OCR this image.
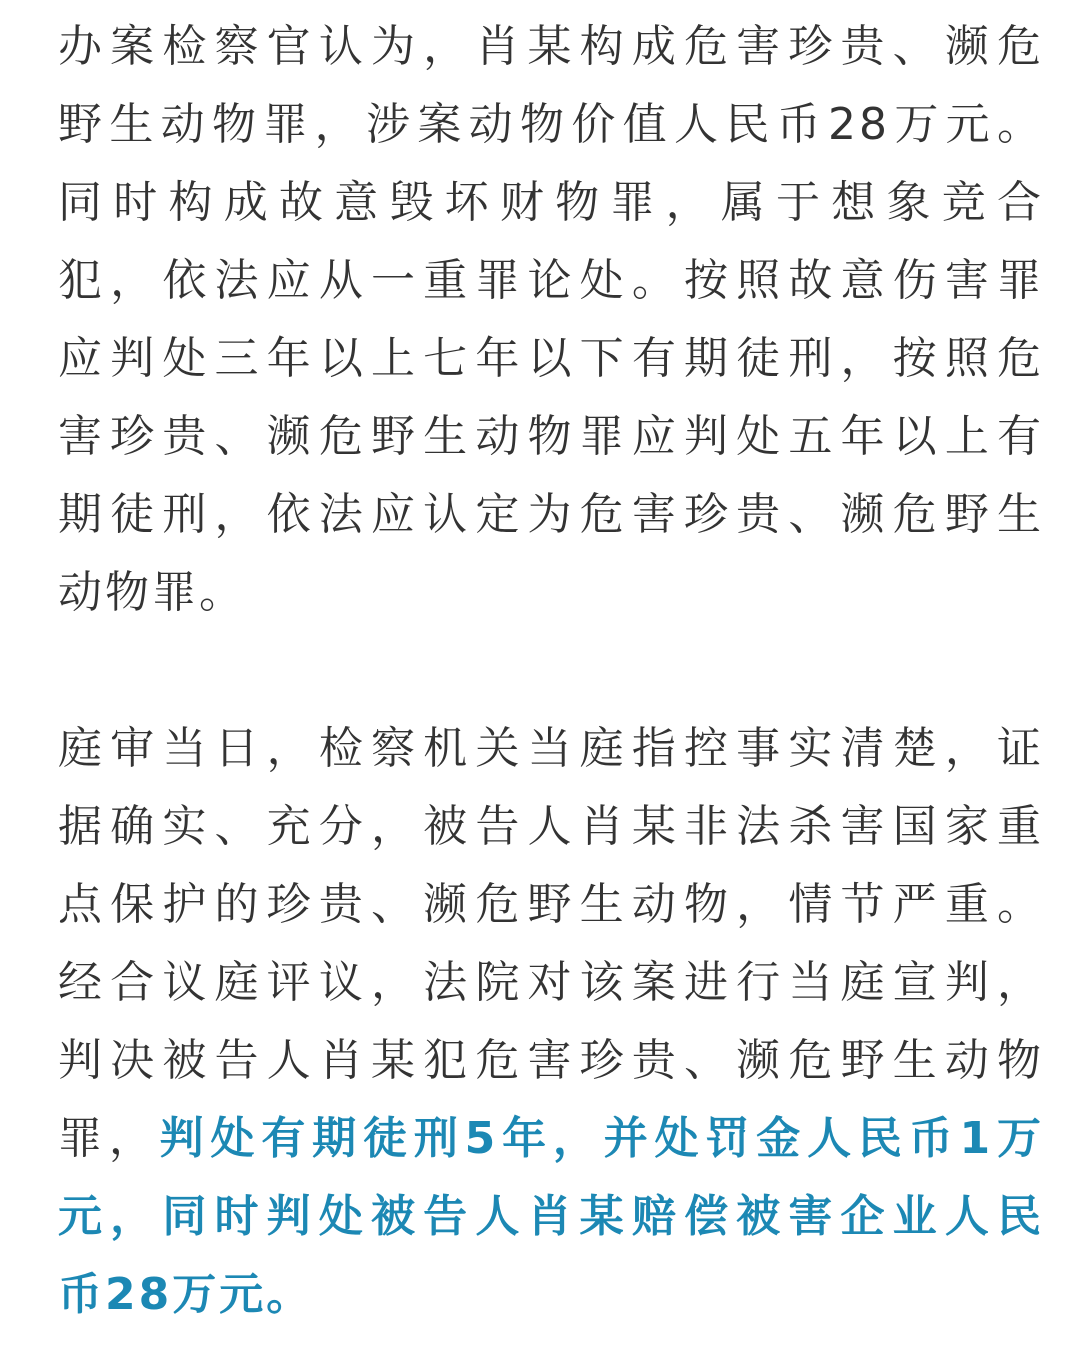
办案检察官认为，肖某构成危害珍贵、濒危
野生动物罪，涉案动物价值人民币28万元。
同时构成故意毁坏财物罪，属于想象竞合
犯，依法应从一重罪论处。按照故意伤害罪
应判处三年以上七年以下有期徒刑，按照危
害珍贵、濒危野生动物罪应判处五年以上有
期徒刑，依法应认定为危害珍贵、濒危野生
动物罪。

庭审当日，检察机关当庭指控事实清楚，证
据确实、充分，被告人肖某非法杀害国家重
点保护的珍贵、濒危野生动物，情节严重。
经合议庭评议，法院对该案进行当庭宣判，
判决被告人肖某犯危害珍贵、濒危野生动物
罪，判处有期徒刑5年，并处罚金人民币1万
元，同时判处被告人肖某赔偿被害企业人民
币28万元。
